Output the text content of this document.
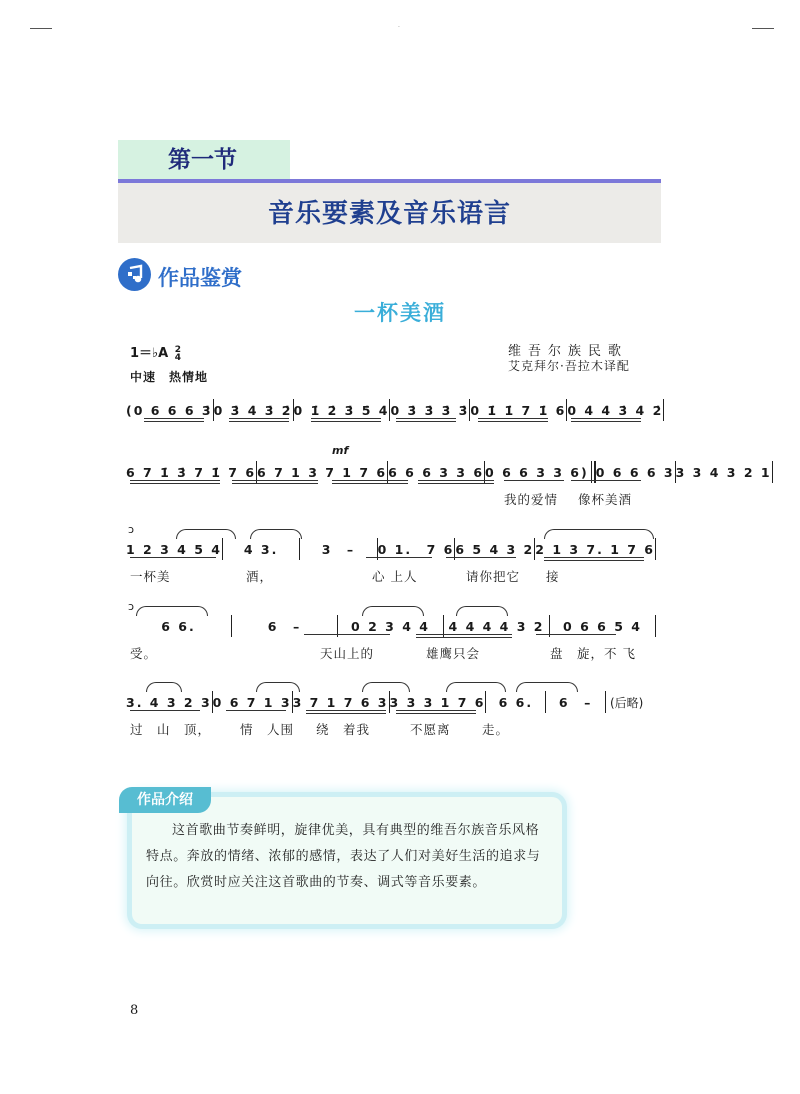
·
第一节
音乐要素及音乐语言
作品鉴赏
一杯美酒
1＝♭A 2
4
中速　热情地
维吾尔族民歌
艾克拜尔·吾拉木译配
(0 6 6 6 3̇ 0 3̇ 4̇ 3̇ 2̇ 0 1̇ 2̇ 3̇ 5̇ 4̇ 0 3̇ 3̇ 3̇ 3̇ 0 1̇ 1̇ 7 1̇ 6 0 4̇ 4̇ 3̇ 4̇ 2̇
mf
6 7 1̇ 3̇ 7 1̇ 7 6 6 7 1 3 7 1 7 6 6 6 6 3 3 6 0 6 6 3 3 6) 0 6 6 6 3 3 3 4 3 2 1
我的爱情 像杯美酒
ↄ
1 2 3 4 5 4	4 3.	3　–	0 1.　7 6 6 5 4 3 2 2 1 3 7. 1 7 6
一杯美	酒，	心 上人	请你把它 接
ↄ
6 6.	6　–	0 2 3 4 4	4 4 4 4 3 2	0 6 6 5 4
受。	天山上的	雄鹰只会	盘　旋，不 飞
3. 4 3 2 3 0 6 7 1 3 3 7 1 7 6 3 3 3 3 1 7 6	6 6.	6　–	(后略)
过　山　顶， 情　人围 绕　着我	不愿离	走。
作品介绍
这首歌曲节奏鲜明，旋律优美，具有典型的维吾尔族音乐风格特点。奔放的情绪、浓郁的感情，表达了人们对美好生活的追求与向往。欣赏时应关注这首歌曲的节奏、调式等音乐要素。
8
